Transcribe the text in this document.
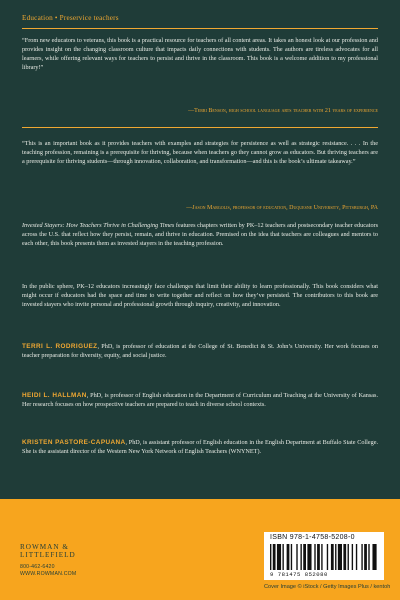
Education • Preservice teachers

“From new educators to veterans, this book is a practical resource for teachers of all content areas. It takes an honest look at our profession and provides insight on the changing classroom culture that impacts daily connections with students. The authors are tireless advocates for all learners, while offering relevant ways for teachers to persist and thrive in the classroom. This book is a welcome addition to my professional library!”

—Terri Benson, high school language arts teacher with 21 years of experience

“This is an important book as it provides teachers with examples and strategies for persistence as well as strategic resistance. . . . In the teaching profession, remaining is a prerequisite for thriving, because when teachers go they cannot grow as educators. But thriving teachers are a prerequisite for thriving students—through innovation, collaboration, and transformation—and this is the book’s ultimate takeaway.”

—Jason Margolis, professor of education, Duquesne University, Pittsburgh, PA

Invested Stayers: How Teachers Thrive in Challenging Times features chapters written by PK–12 teachers and postsecondary teacher educators across the U.S. that reflect how they persist, remain, and thrive in education. Premised on the idea that teachers are colleagues and mentors to each other, this book presents them as invested stayers in the teaching profession.

In the public sphere, PK–12 educators increasingly face challenges that limit their ability to learn professionally. This book considers what might occur if educators had the space and time to write together and reflect on how they’ve persisted. The contributors to this book are invested stayers who invite personal and professional growth through inquiry, creativity, and innovation.

TERRI L. RODRIGUEZ, PhD, is professor of education at the College of St. Benedict & St. John’s University. Her work focuses on teacher preparation for diversity, equity, and social justice.

HEIDI L. HALLMAN, PhD, is professor of English education in the Department of Curriculum and Teaching at the University of Kansas. Her research focuses on how prospective teachers are prepared to teach in diverse school contexts.

KRISTEN PASTORE-CAPUANA, PhD, is assistant professor of English education in the English Department at Buffalo State College. She is the assistant director of the Western New York Network of English Teachers (WNYNET).

ROWMAN &
LITTLEFIELD
800-462-6420
WWW.ROWMAN.COM
ISBN 978-1-4758-5208-0
9 781475 852080
Cover Image © iStock / Getty Images Plus / kentoh
